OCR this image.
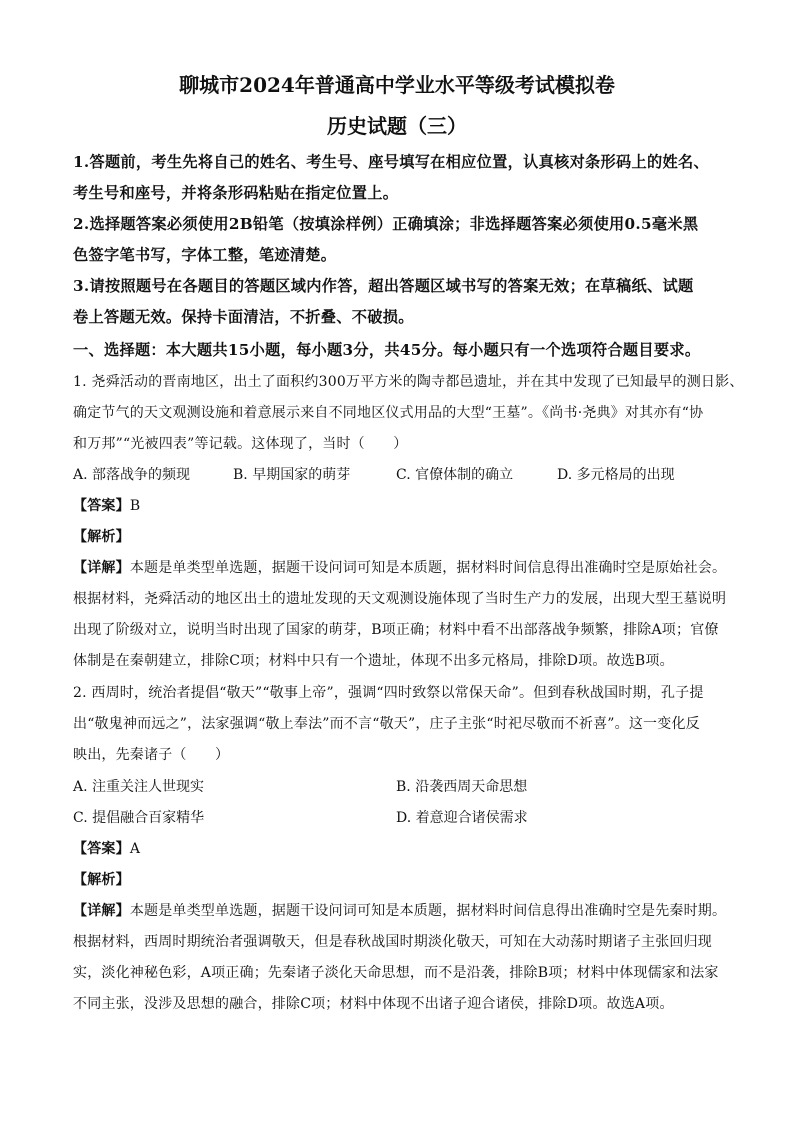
聊城市2024年普通高中学业水平等级考试模拟卷
历史试题（三）
1.答题前，考生先将自己的姓名、考生号、座号填写在相应位置，认真核对条形码上的姓名、
考生号和座号，并将条形码粘贴在指定位置上。
2.选择题答案必须使用2B铅笔（按填涂样例）正确填涂；非选择题答案必须使用0.5毫米黑
色签字笔书写，字体工整，笔迹清楚。
3.请按照题号在各题目的答题区域内作答，超出答题区域书写的答案无效；在草稿纸、试题
卷上答题无效。保持卡面清洁，不折叠、不破损。
一、选择题：本大题共15小题，每小题3分，共45分。每小题只有一个选项符合题目要求。
1. 尧舜活动的晋南地区，出土了面积约300万平方米的陶寺都邑遗址，并在其中发现了已知最早的测日影、
确定节气的天文观测设施和着意展示来自不同地区仪式用品的大型“王墓”。《尚书·尧典》对其亦有“协
和万邦”“光被四表”等记载。这体现了，当时（　　）
A. 部落战争的频现	B. 早期国家的萌芽	C. 官僚体制的确立	D. 多元格局的出现
【答案】B
【解析】
【详解】本题是单类型单选题，据题干设问词可知是本质题，据材料时间信息得出准确时空是原始社会。
根据材料，尧舜活动的地区出土的遗址发现的天文观测设施体现了当时生产力的发展，出现大型王墓说明
出现了阶级对立，说明当时出现了国家的萌芽，B项正确；材料中看不出部落战争频繁，排除A项；官僚
体制是在秦朝建立，排除C项；材料中只有一个遗址，体现不出多元格局，排除D项。故选B项。
2. 西周时，统治者提倡“敬天”“敬事上帝”，强调“四时致祭以常保天命”。但到春秋战国时期，孔子提
出“敬鬼神而远之”，法家强调“敬上奉法”而不言“敬天”，庄子主张“时祀尽敬而不祈喜”。这一变化反
映出，先秦诸子（　　）
A. 注重关注人世现实	B. 沿袭西周天命思想
C. 提倡融合百家精华	D. 着意迎合诸侯需求
【答案】A
【解析】
【详解】本题是单类型单选题，据题干设问词可知是本质题，据材料时间信息得出准确时空是先秦时期。
根据材料，西周时期统治者强调敬天，但是春秋战国时期淡化敬天，可知在大动荡时期诸子主张回归现
实，淡化神秘色彩，A项正确；先秦诸子淡化天命思想，而不是沿袭，排除B项；材料中体现儒家和法家
不同主张，没涉及思想的融合，排除C项；材料中体现不出诸子迎合诸侯，排除D项。故选A项。
